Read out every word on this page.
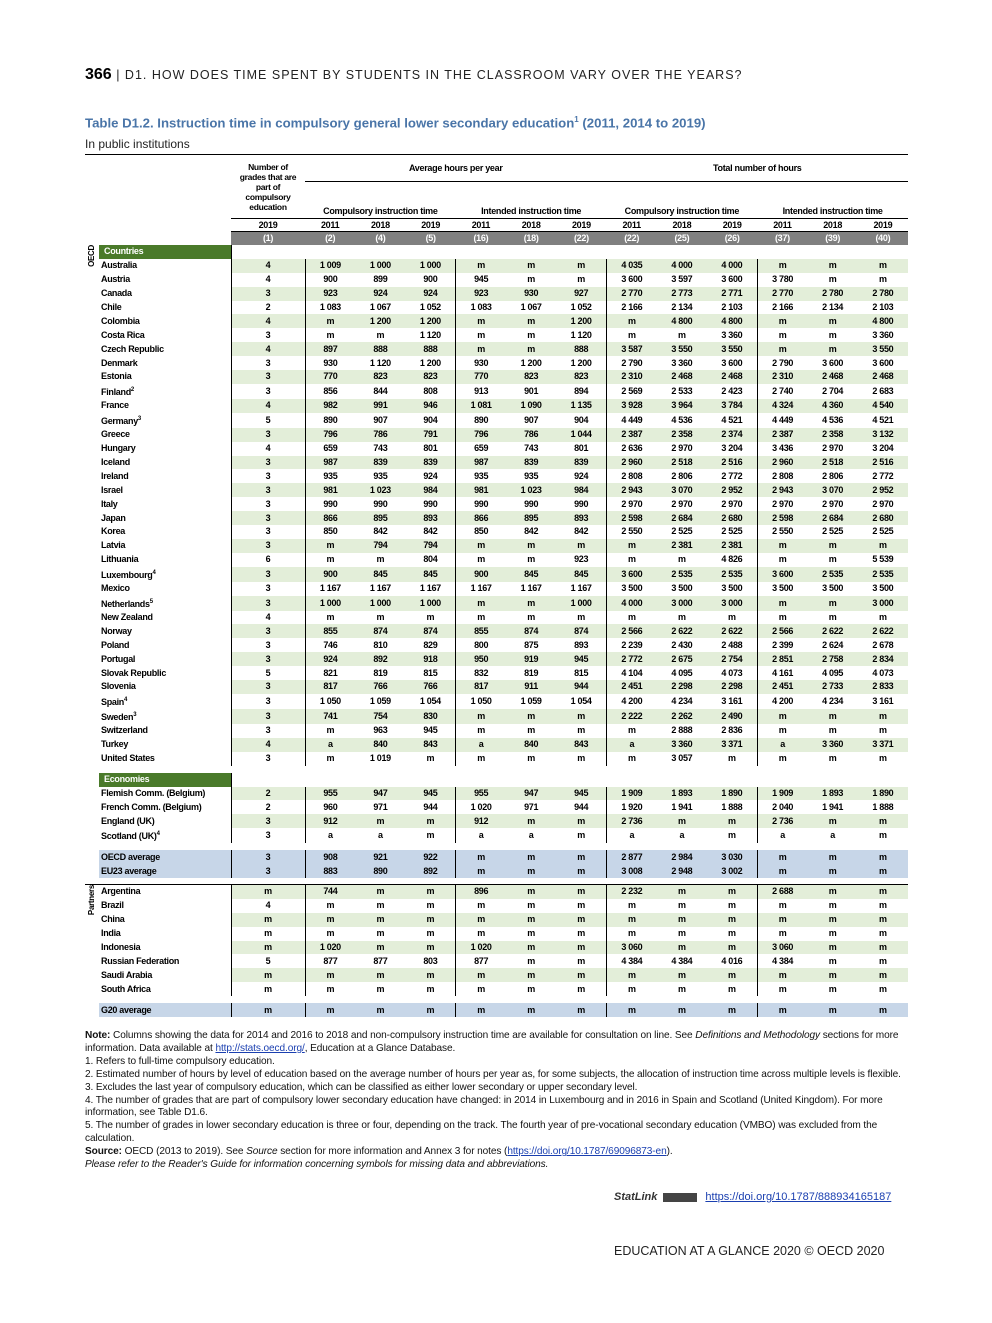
366 | D1. HOW DOES TIME SPENT BY STUDENTS IN THE CLASSROOM VARY OVER THE YEARS?
Table D1.2. Instruction time in compulsory general lower secondary education$^1$ (2011, 2014 to 2019)
In public institutions
		Number of grades that are part of compulsory education	Average hours per year						Total number of hours					
			Compulsory instruction time			Intended instruction time			Compulsory instruction time			Intended instruction time		
		2019	2011	2018	2019	2011	2018	2019	2011	2018	2019	2011	2018	2019
		(1)	(2)	(4)	(5)	(16)	(18)	(22)	(22)	(25)	(26)	(37)	(39)	(40)

OECD	Countries													
	Australia	4	1 009	1 000	1 000	m	m	m	4 035	4 000	4 000	m	m	m
	Austria	4	900	899	900	945	m	m	3 600	3 597	3 600	3 780	m	m
	Canada	3	923	924	924	923	930	927	2 770	2 773	2 771	2 770	2 780	2 780
	Chile	2	1 083	1 067	1 052	1 083	1 067	1 052	2 166	2 134	2 103	2 166	2 134	2 103
	Colombia	4	m	1 200	1 200	m	m	1 200	m	4 800	4 800	m	m	4 800
	Costa Rica	3	m	m	1 120	m	m	1 120	m	m	3 360	m	m	3 360
	Czech Republic	4	897	888	888	m	m	888	3 587	3 550	3 550	m	m	3 550
	Denmark	3	930	1 120	1 200	930	1 200	1 200	2 790	3 360	3 600	2 790	3 600	3 600
	Estonia	3	770	823	823	770	823	823	2 310	2 468	2 468	2 310	2 468	2 468
	Finland$^2$	3	856	844	808	913	901	894	2 569	2 533	2 423	2 740	2 704	2 683
	France	4	982	991	946	1 081	1 090	1 135	3 928	3 964	3 784	4 324	4 360	4 540
	Germany$^3$	5	890	907	904	890	907	904	4 449	4 536	4 521	4 449	4 536	4 521
	Greece	3	796	786	791	796	786	1 044	2 387	2 358	2 374	2 387	2 358	3 132
	Hungary	4	659	743	801	659	743	801	2 636	2 970	3 204	3 436	2 970	3 204
	Iceland	3	987	839	839	987	839	839	2 960	2 518	2 516	2 960	2 518	2 516
	Ireland	3	935	935	924	935	935	924	2 808	2 806	2 772	2 808	2 806	2 772
	Israel	3	981	1 023	984	981	1 023	984	2 943	3 070	2 952	2 943	3 070	2 952
	Italy	3	990	990	990	990	990	990	2 970	2 970	2 970	2 970	2 970	2 970
	Japan	3	866	895	893	866	895	893	2 598	2 684	2 680	2 598	2 684	2 680
	Korea	3	850	842	842	850	842	842	2 550	2 525	2 525	2 550	2 525	2 525
	Latvia	3	m	794	794	m	m	m	m	2 381	2 381	m	m	m
	Lithuania	6	m	m	804	m	m	923	m	m	4 826	m	m	5 539
	Luxembourg$^4$	3	900	845	845	900	845	845	3 600	2 535	2 535	3 600	2 535	2 535
	Mexico	3	1 167	1 167	1 167	1 167	1 167	1 167	3 500	3 500	3 500	3 500	3 500	3 500
	Netherlands$^5$	3	1 000	1 000	1 000	m	m	1 000	4 000	3 000	3 000	m	m	3 000
	New Zealand	4	m	m	m	m	m	m	m	m	m	m	m	m
	Norway	3	855	874	874	855	874	874	2 566	2 622	2 622	2 566	2 622	2 622
	Poland	3	746	810	829	800	875	893	2 239	2 430	2 488	2 399	2 624	2 678
	Portugal	3	924	892	918	950	919	945	2 772	2 675	2 754	2 851	2 758	2 834
	Slovak Republic	5	821	819	815	832	819	815	4 104	4 095	4 073	4 161	4 095	4 073
	Slovenia	3	817	766	766	817	911	944	2 451	2 298	2 298	2 451	2 733	2 833
	Spain$^4$	3	1 050	1 059	1 054	1 050	1 059	1 054	4 200	4 234	3 161	4 200	4 234	3 161
	Sweden$^3$	3	741	754	830	m	m	m	2 222	2 262	2 490	m	m	m
	Switzerland	3	m	963	945	m	m	m	m	2 888	2 836	m	m	m
	Turkey	4	a	840	843	a	840	843	a	3 360	3 371	a	3 360	3 371
	United States	3	m	1 019	m	m	m	m	m	3 057	m	m	m	m

	Economies													
	Flemish Comm. (Belgium)	2	955	947	945	955	947	945	1 909	1 893	1 890	1 909	1 893	1 890
	French Comm. (Belgium)	2	960	971	944	1 020	971	944	1 920	1 941	1 888	2 040	1 941	1 888
	England (UK)	3	912	m	m	912	m	m	2 736	m	m	2 736	m	m
	Scotland (UK)$^4$	3	a	a	m	a	a	m	a	a	m	a	a	m

	OECD average	3	908	921	922	m	m	m	2 877	2 984	3 030	m	m	m
	EU23 average	3	883	890	892	m	m	m	3 008	2 948	3 002	m	m	m

Partners	Argentina	m	744	m	m	896	m	m	2 232	m	m	2 688	m	m
	Brazil	4	m	m	m	m	m	m	m	m	m	m	m	m
	China	m	m	m	m	m	m	m	m	m	m	m	m	m
	India	m	m	m	m	m	m	m	m	m	m	m	m	m
	Indonesia	m	1 020	m	m	1 020	m	m	3 060	m	m	3 060	m	m
	Russian Federation	5	877	877	803	877	m	m	4 384	4 384	4 016	4 384	m	m
	Saudi Arabia	m	m	m	m	m	m	m	m	m	m	m	m	m
	South Africa	m	m	m	m	m	m	m	m	m	m	m	m	m

	G20 average	m	m	m	m	m	m	m	m	m	m	m	m	m

Note: Columns showing the data for 2014 and 2016 to 2018 and non-compulsory instruction time are available for consultation on line. See Definitions and Methodology sections for more information. Data available at http://stats.oecd.org/, Education at a Glance Database.

1. Refers to full-time compulsory education.

2. Estimated number of hours by level of education based on the average number of hours per year as, for some subjects, the allocation of instruction time across multiple levels is flexible.

3. Excludes the last year of compulsory education, which can be classified as either lower secondary or upper secondary level.

4. The number of grades that are part of compulsory lower secondary education have changed: in 2014 in Luxembourg and in 2016 in Spain and Scotland (United Kingdom). For more information, see Table D1.6.

5. The number of grades in lower secondary education is three or four, depending on the track. The fourth year of pre-vocational secondary education (VMBO) was excluded from the calculation.

Source: OECD (2013 to 2019). See Source section for more information and Annex 3 for notes (https://doi.org/10.1787/69096873-en).

Please refer to the Reader's Guide for information concerning symbols for missing data and abbreviations.

StatLink	https://doi.org/10.1787/888934165187
EDUCATION AT A GLANCE 2020 © OECD 2020
